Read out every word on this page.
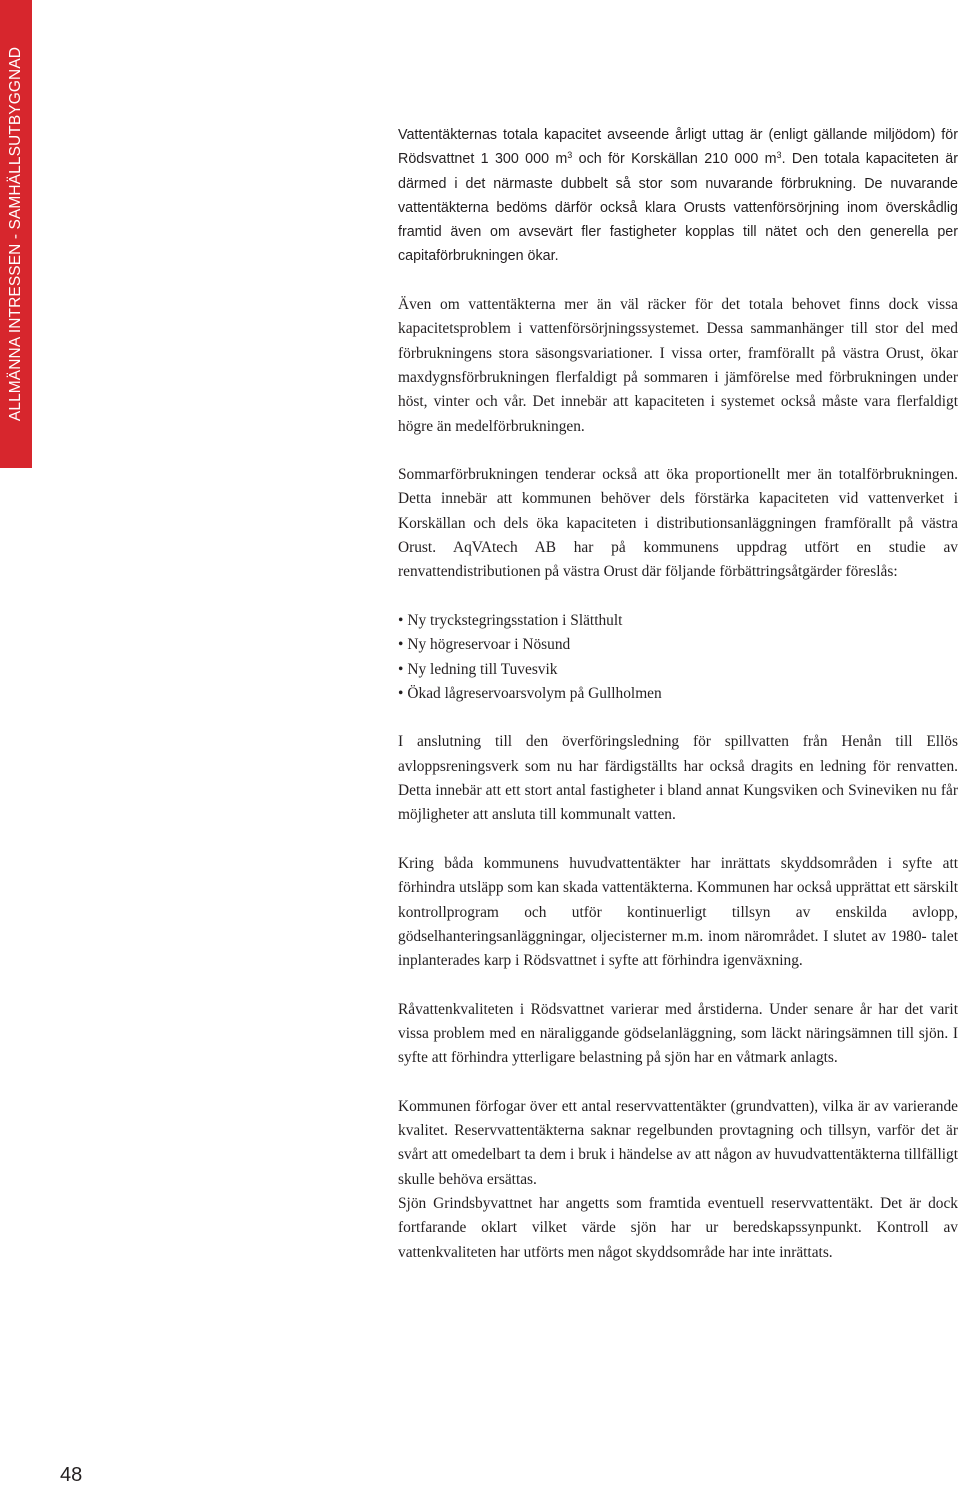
ALLMÄNNA INTRESSEN - SAMHÄLLSUTBYGGNAD	Vattentäkternas totala kapacitet avseende årligt uttag är (enligt gällande miljödom) för Rödsvattnet 1 300 000 $m^3$ och för Korskällan 210 000 $m^3$. Den totala kapaciteten är därmed i det närmaste dubbelt så stor som nuvarande förbrukning. De nuvarande vattentäkterna bedöms därför också klara Orusts vattenförsörjning inom överskådlig framtid även om avsevärt fler fastigheter kopplas till nätet och den generella per capitaförbrukningen ökar.

Även om vattentäkterna mer än väl räcker för det totala behovet finns dock vissa kapacitetsproblem i vattenförsörjningssystemet. Dessa sammanhänger till stor del med förbrukningens stora säsongsvariationer. I vissa orter, framförallt på västra Orust, ökar maxdygnsförbrukningen flerfaldigt på sommaren i jämförelse med förbrukningen under höst, vinter och vår. Det innebär att kapaciteten i systemet också måste vara flerfaldigt högre än medelförbrukningen.

Sommarförbrukningen tenderar också att öka proportionellt mer än totalförbrukningen. Detta innebär att kommunen behöver dels förstärka kapaciteten vid vattenverket i Korskällan och dels öka kapaciteten i distributionsanläggningen framförallt på västra Orust. AqVAtech AB har på kommunens uppdrag utfört en studie av renvattendistributionen på västra Orust där följande förbättringsåtgärder föreslås:

• Ny tryckstegringsstation i Slätthult
• Ny högreservoar i Nösund
• Ny ledning till Tuvesvik
• Ökad lågreservoarsvolym på Gullholmen

I anslutning till den överföringsledning för spillvatten från Henån till Ellös avloppsreningsverk som nu har färdigställts har också dragits en ledning för renvatten. Detta innebär att ett stort antal fastigheter i bland annat Kungsviken och Svineviken nu får möjligheter att ansluta till kommunalt vatten.

Kring båda kommunens huvudvattentäkter har inrättats skyddsområden i syfte att förhindra utsläpp som kan skada vattentäkterna. Kommunen har också upprättat ett särskilt kontrollprogram och utför kontinuerligt tillsyn av enskilda avlopp, gödselhanteringsanläggningar, oljecisterner m.m. inom närområdet. I slutet av 1980- talet inplanterades karp i Rödsvattnet i syfte att förhindra igenväxning.

Råvattenkvaliteten i Rödsvattnet varierar med årstiderna. Under senare år har det varit vissa problem med en näraliggande gödselanläggning, som läckt näringsämnen till sjön. I syfte att förhindra ytterligare belastning på sjön har en våtmark anlagts.

Kommunen förfogar över ett antal reservvattentäkter (grundvatten), vilka är av varierande kvalitet. Reservvattentäkterna saknar regelbunden provtagning och tillsyn, varför det är svårt att omedelbart ta dem i bruk i händelse av att någon av huvudvattentäkterna tillfälligt skulle behöva ersättas.

Sjön Grindsbyvattnet har angetts som framtida eventuell reservvattentäkt. Det är dock fortfarande oklart vilket värde sjön har ur beredskapssynpunkt. Kontroll av vattenkvaliteten har utförts men något skyddsområde har inte inrättats.

48
